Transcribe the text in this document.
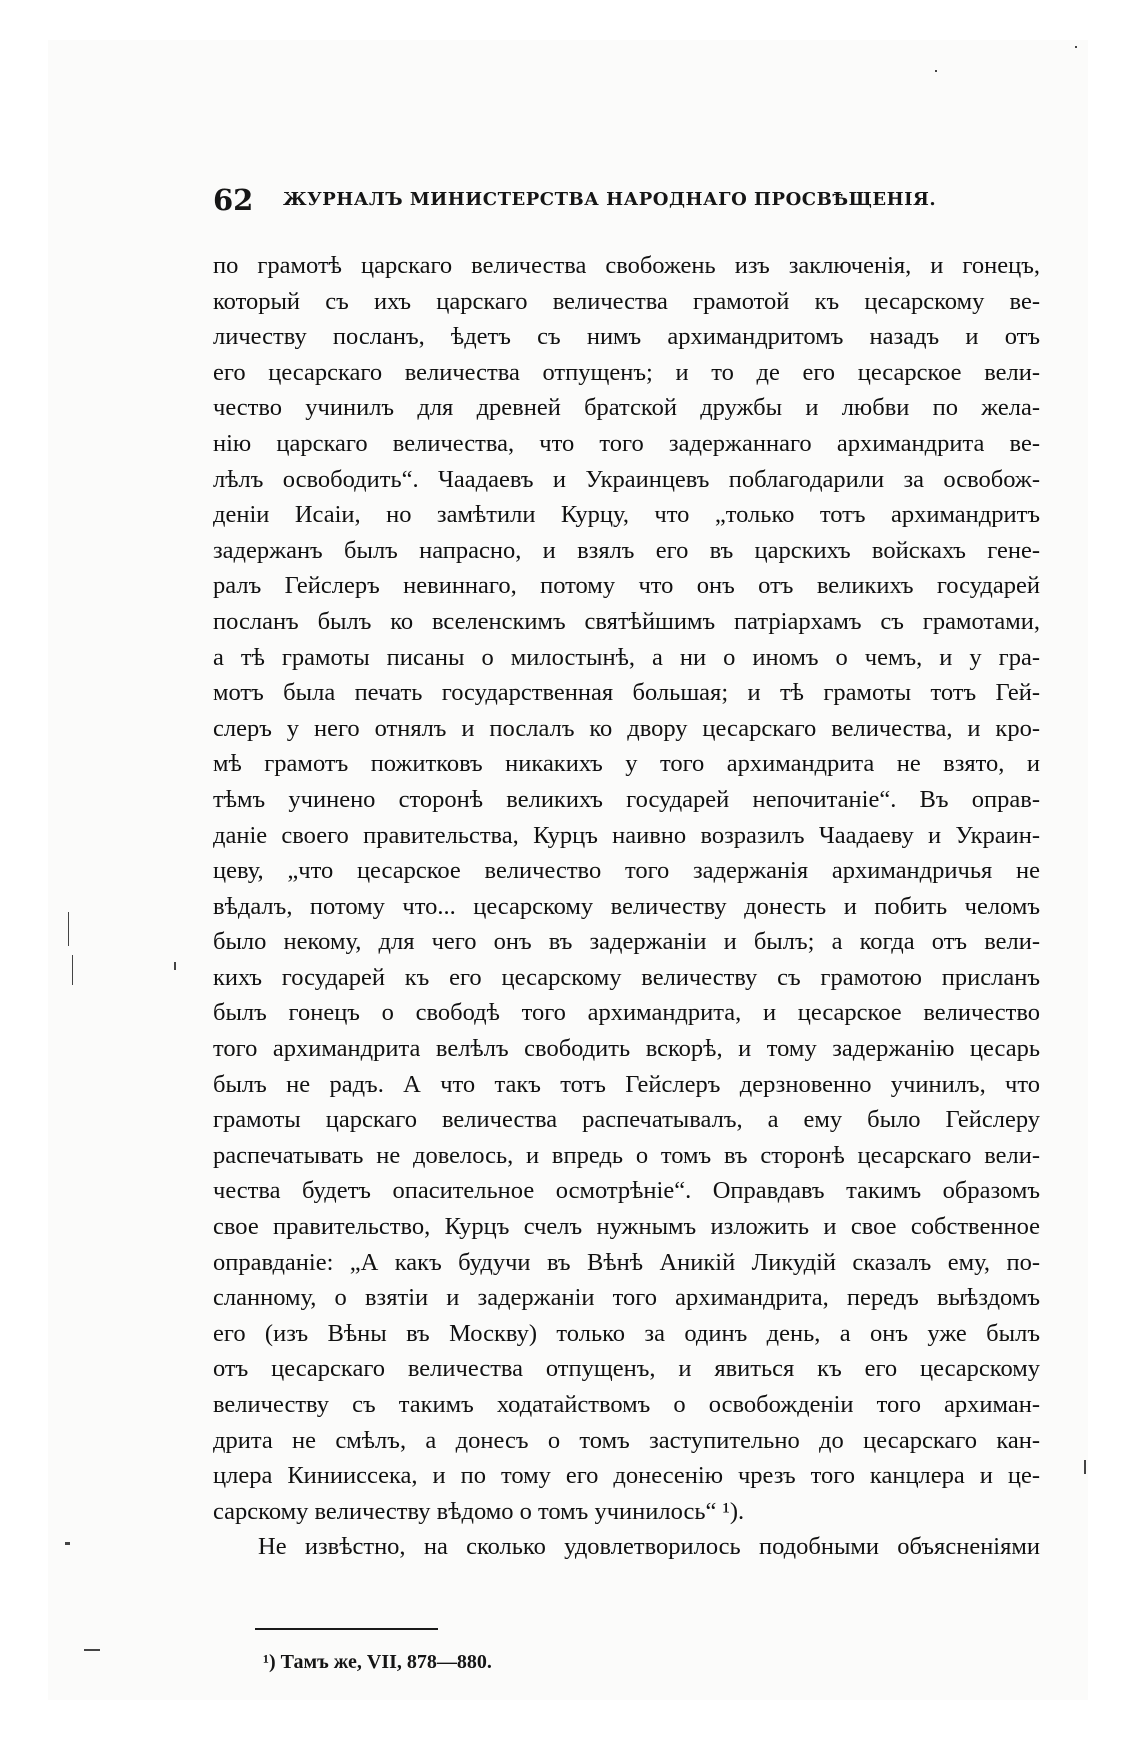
62 ЖУРНАЛЪ МИНИСТЕРСТВА НАРОДНАГО ПРОСВѢЩЕНІЯ.
по грамотѣ царскаго величества свобожень изъ заключенія, и гонецъ,
который съ ихъ царскаго величества грамотой къ цесарскому ве-
личеству посланъ, ѣдетъ съ нимъ архимандритомъ назадъ и отъ
его цесарскаго величества отпущенъ; и то де его цесарское вели-
чество учинилъ для древней братской дружбы и любви по жела-
нію царскаго величества, что того задержаннаго архимандрита ве-
лѣлъ освободить“. Чаадаевъ и Украинцевъ поблагодарили за освобож-
деніи Исаіи, но замѣтили Курцу, что „только тотъ архимандритъ
задержанъ былъ напрасно, и взялъ его въ царскихъ войскахъ гене-
ралъ Гейслеръ невиннаго, потому что онъ отъ великихъ государей
посланъ былъ ко вселенскимъ святѣйшимъ патріархамъ съ грамотами,
а тѣ грамоты писаны о милостынѣ, а ни о иномъ о чемъ, и у гра-
мотъ была печать государственная большая; и тѣ грамоты тотъ Гей-
слеръ у него отнялъ и послалъ ко двору цесарскаго величества, и кро-
мѣ грамотъ пожитковъ никакихъ у того архимандрита не взято, и
тѣмъ учинено сторонѣ великихъ государей непочитаніе“. Въ оправ-
даніе своего правительства, Курцъ наивно возразилъ Чаадаеву и Украин-
цеву, „что цесарское величество того задержанія архимандричья не
вѣдалъ, потому что... цесарскому величеству донесть и побить челомъ
было некому, для чего онъ въ задержаніи и былъ; а когда отъ вели-
кихъ государей къ его цесарскому величеству съ грамотою присланъ
былъ гонецъ о свободѣ того архимандрита, и цесарское величество
того архимандрита велѣлъ свободить вскорѣ, и тому задержанію цесарь
былъ не радъ. А что такъ тотъ Гейслеръ дерзновенно учинилъ, что
грамоты царскаго величества распечатывалъ, а ему было Гейслеру
распечатывать не довелось, и впредь о томъ въ сторонѣ цесарскаго вели-
чества будетъ опасительное осмотрѣніе“. Оправдавъ такимъ образомъ
свое правительство, Курцъ счелъ нужнымъ изложить и свое собственное
оправданіе: „А какъ будучи въ Вѣнѣ Аникій Ликудій сказалъ ему, по-
сланному, о взятіи и задержаніи того архимандрита, передъ выѣздомъ
его (изъ Вѣны въ Москву) только за одинъ день, а онъ уже былъ
отъ цесарскаго величества отпущенъ, и явиться къ его цесарскому
величеству съ такимъ ходатайствомъ о освобожденіи того архиман-
дрита не смѣлъ, а донесъ о томъ заступительно до цесарскаго кан-
цлера Кинииссека, и по тому его донесенію чрезъ того канцлера и це-
сарскому величеству вѣдомо о томъ учинилось“ ¹).
Не извѣстно, на сколько удовлетворилось подобными объясненіями
¹) Тамъ же, VII, 878—880.
